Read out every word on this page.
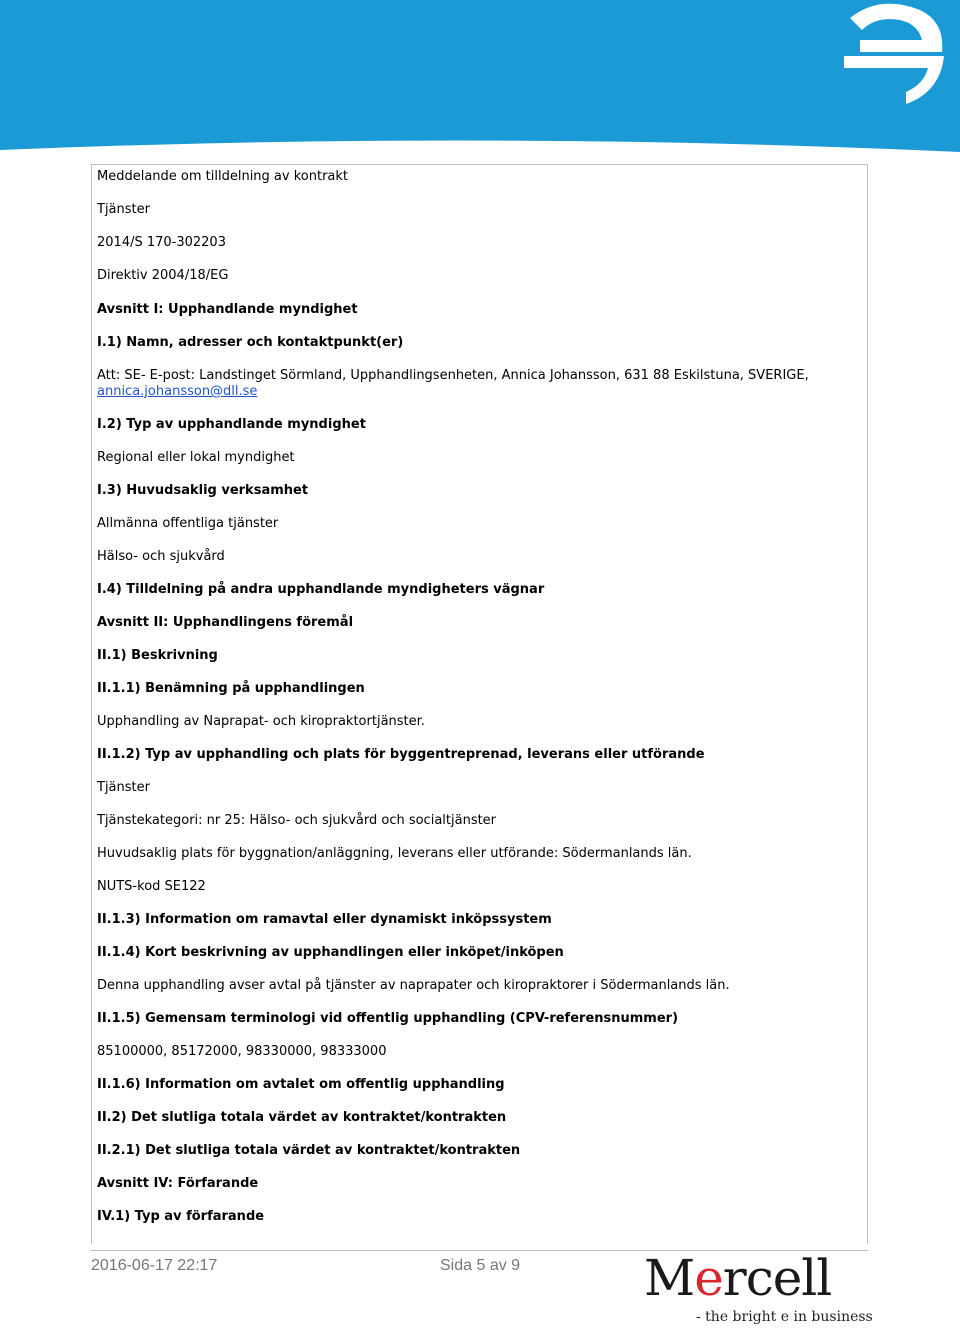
Meddelande om tilldelning av kontrakt

Tjänster

2014/S 170-302203

Direktiv 2004/18/EG

Avsnitt I: Upphandlande myndighet

I.1) Namn, adresser och kontaktpunkt(er)

Att: SE- E-post: Landstinget Sörmland, Upphandlingsenheten, Annica Johansson, 631 88 Eskilstuna, SVERIGE, annica.johansson@dll.se

I.2) Typ av upphandlande myndighet

Regional eller lokal myndighet

I.3) Huvudsaklig verksamhet

Allmänna offentliga tjänster

Hälso- och sjukvård

I.4) Tilldelning på andra upphandlande myndigheters vägnar

Avsnitt II: Upphandlingens föremål

II.1) Beskrivning

II.1.1) Benämning på upphandlingen

Upphandling av Naprapat- och kiropraktortjänster.

II.1.2) Typ av upphandling och plats för byggentreprenad, leverans eller utförande

Tjänster

Tjänstekategori: nr 25: Hälso- och sjukvård och socialtjänster

Huvudsaklig plats för byggnation/anläggning, leverans eller utförande: Södermanlands län.

NUTS-kod SE122

II.1.3) Information om ramavtal eller dynamiskt inköpssystem

II.1.4) Kort beskrivning av upphandlingen eller inköpet/inköpen

Denna upphandling avser avtal på tjänster av naprapater och kiropraktorer i Södermanlands län.

II.1.5) Gemensam terminologi vid offentlig upphandling (CPV-referensnummer)

85100000, 85172000, 98330000, 98333000

II.1.6) Information om avtalet om offentlig upphandling

II.2) Det slutliga totala värdet av kontraktet/kontrakten

II.2.1) Det slutliga totala värdet av kontraktet/kontrakten

Avsnitt IV: Förfarande

IV.1) Typ av förfarande

2016-06-17 22:17	Sida 5 av 9 Mercell
- the bright e in business
